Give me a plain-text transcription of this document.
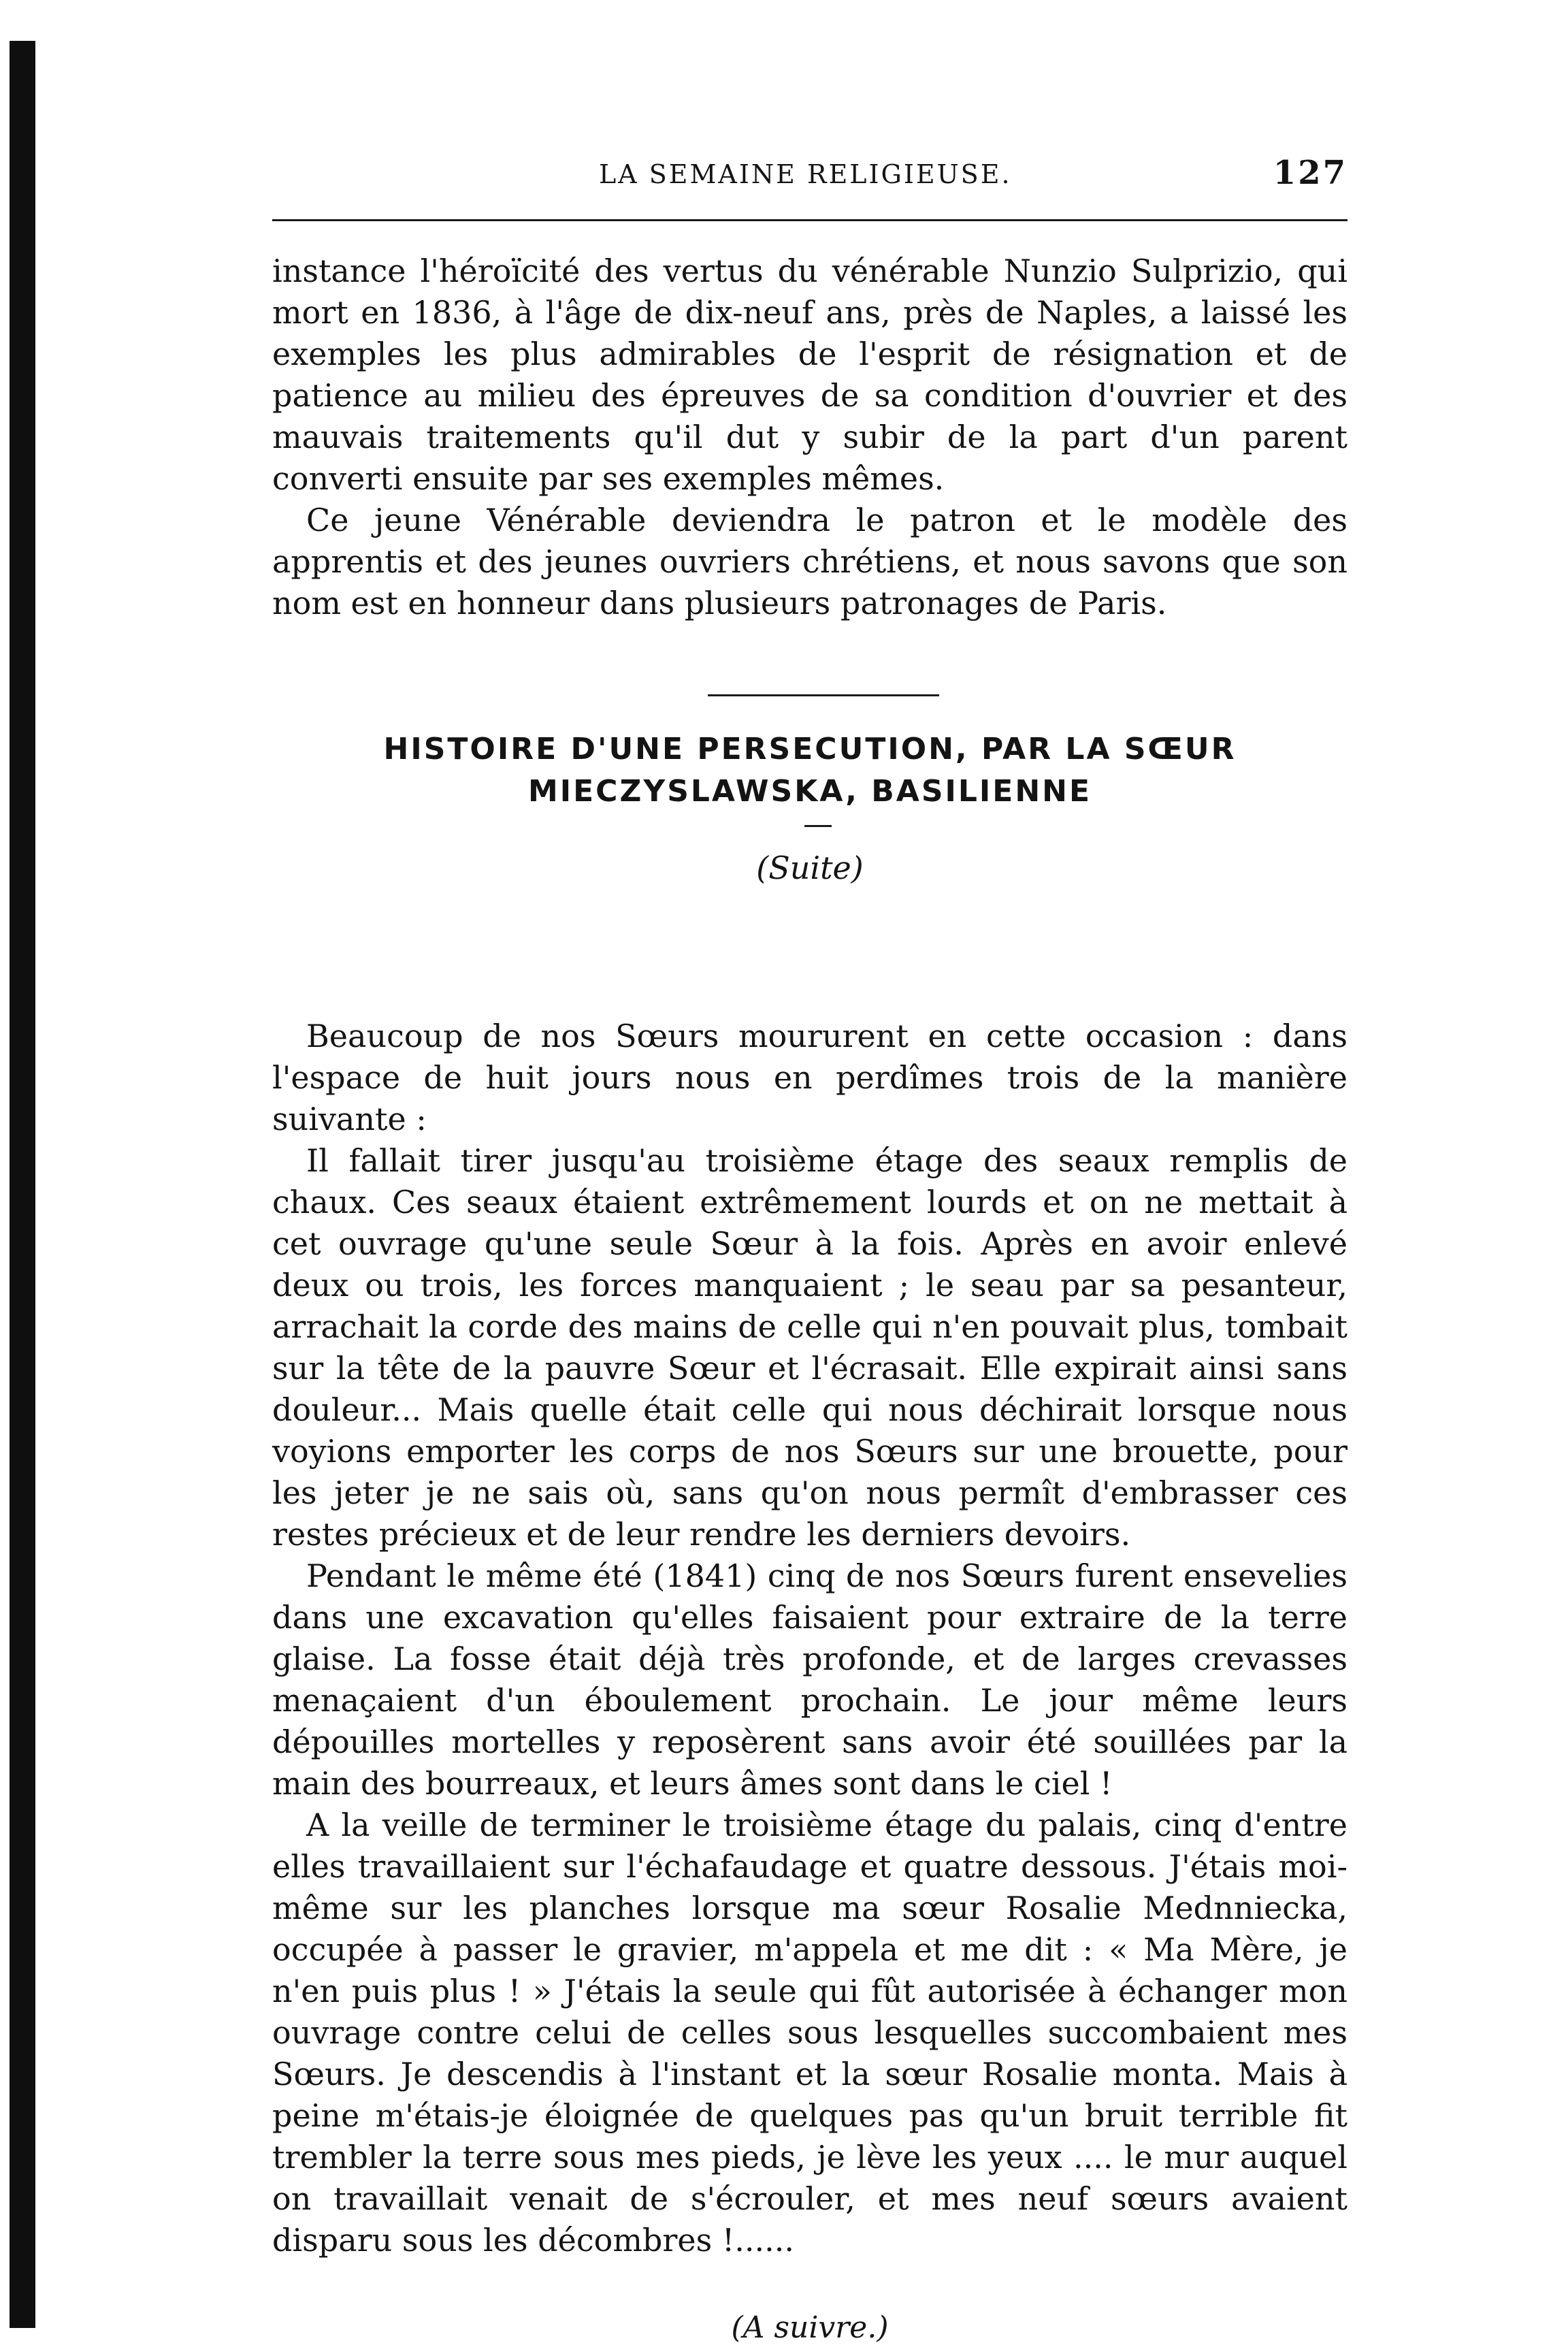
LA SEMAINE RELIGIEUSE.	127

instance l'héroïcité des vertus du vénérable Nunzio Sulprizio, qui mort en 1836, à l'âge de dix-neuf ans, près de Naples, a laissé les exemples les plus admirables de l'esprit de résignation et de patience au milieu des épreuves de sa condition d'ouvrier et des mauvais traitements qu'il dut y subir de la part d'un parent converti ensuite par ses exemples mêmes.

Ce jeune Vénérable deviendra le patron et le modèle des apprentis et des jeunes ouvriers chrétiens, et nous savons que son nom est en honneur dans plusieurs patronages de Paris.

HISTOIRE D'UNE PERSECUTION, PAR LA SŒUR MIECZYSLAWSKA, BASILIENNE
(Suite)

Beaucoup de nos Sœurs moururent en cette occasion : dans l'espace de huit jours nous en perdîmes trois de la manière suivante :

Il fallait tirer jusqu'au troisième étage des seaux remplis de chaux. Ces seaux étaient extrêmement lourds et on ne mettait à cet ouvrage qu'une seule Sœur à la fois. Après en avoir enlevé deux ou trois, les forces manquaient ; le seau par sa pesanteur, arrachait la corde des mains de celle qui n'en pouvait plus, tombait sur la tête de la pauvre Sœur et l'écrasait. Elle expirait ainsi sans douleur... Mais quelle était celle qui nous déchirait lorsque nous voyions emporter les corps de nos Sœurs sur une brouette, pour les jeter je ne sais où, sans qu'on nous permît d'embrasser ces restes précieux et de leur rendre les derniers devoirs.

Pendant le même été (1841) cinq de nos Sœurs furent ensevelies dans une excavation qu'elles faisaient pour extraire de la terre glaise. La fosse était déjà très profonde, et de larges crevasses menaçaient d'un éboulement prochain. Le jour même leurs dépouilles mortelles y reposèrent sans avoir été souillées par la main des bourreaux, et leurs âmes sont dans le ciel !

A la veille de terminer le troisième étage du palais, cinq d'entre elles travaillaient sur l'échafaudage et quatre dessous. J'étais moi-même sur les planches lorsque ma sœur Rosalie Mednniecka, occupée à passer le gravier, m'appela et me dit : « Ma Mère, je n'en puis plus ! » J'étais la seule qui fût autorisée à échanger mon ouvrage contre celui de celles sous lesquelles succombaient mes Sœurs. Je descendis à l'instant et la sœur Rosalie monta. Mais à peine m'étais-je éloignée de quelques pas qu'un bruit terrible fit trembler la terre sous mes pieds, je lève les yeux .... le mur auquel on travaillait venait de s'écrouler, et mes neuf sœurs avaient disparu sous les décombres !......

(A suivre.)
